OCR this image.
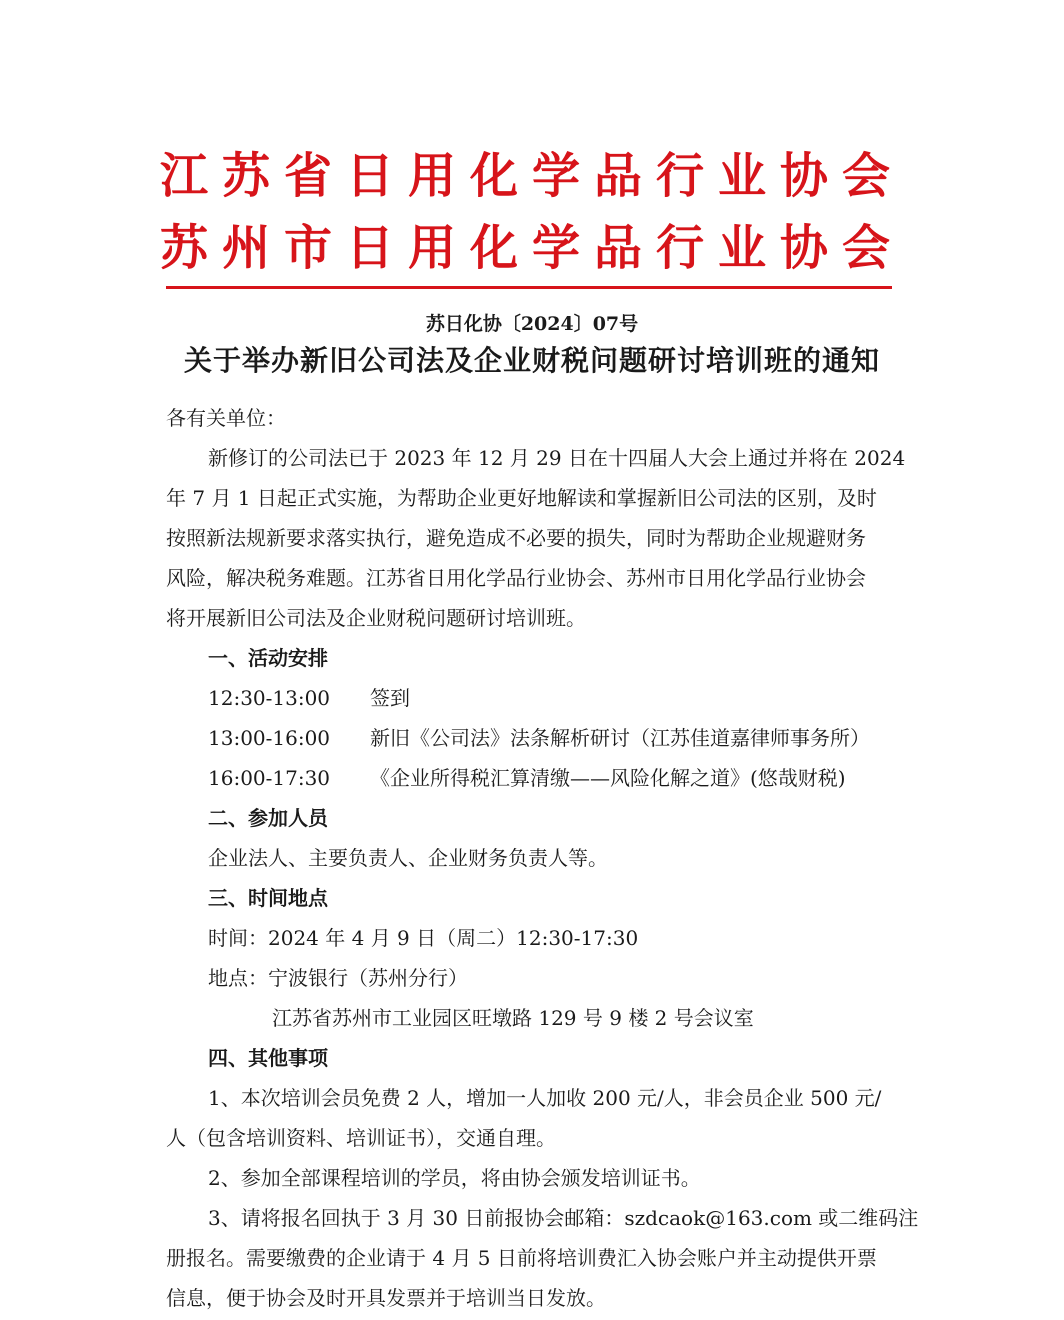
江苏省日用化学品行业协会
苏州市日用化学品行业协会
苏日化协〔2024〕07号
关于举办新旧公司法及企业财税问题研讨培训班的通知
各有关单位：
新修订的公司法已于 2023 年 12 月 29 日在十四届人大会上通过并将在 2024
年 7 月 1 日起正式实施，为帮助企业更好地解读和掌握新旧公司法的区别，及时
按照新法规新要求落实执行，避免造成不必要的损失，同时为帮助企业规避财务
风险，解决税务难题。江苏省日用化学品行业协会、苏州市日用化学品行业协会
将开展新旧公司法及企业财税问题研讨培训班。
一、活动安排
12:30-13:00 签到
13:00-16:00 新旧《公司法》法条解析研讨（江苏佳道嘉律师事务所）
16:00-17:30 《企业所得税汇算清缴——风险化解之道》(悠哉财税)
二、参加人员
企业法人、主要负责人、企业财务负责人等。
三、时间地点
时间：2024 年 4 月 9 日（周二）12:30-17:30
地点：宁波银行（苏州分行）
江苏省苏州市工业园区旺墩路 129 号 9 楼 2 号会议室
四、其他事项
1、本次培训会员免费 2 人，增加一人加收 200 元/人，非会员企业 500 元/
人（包含培训资料、培训证书），交通自理。
2、参加全部课程培训的学员，将由协会颁发培训证书。
3、请将报名回执于 3 月 30 日前报协会邮箱：szdcaok@163.com 或二维码注
册报名。需要缴费的企业请于 4 月 5 日前将培训费汇入协会账户并主动提供开票
信息，便于协会及时开具发票并于培训当日发放。
